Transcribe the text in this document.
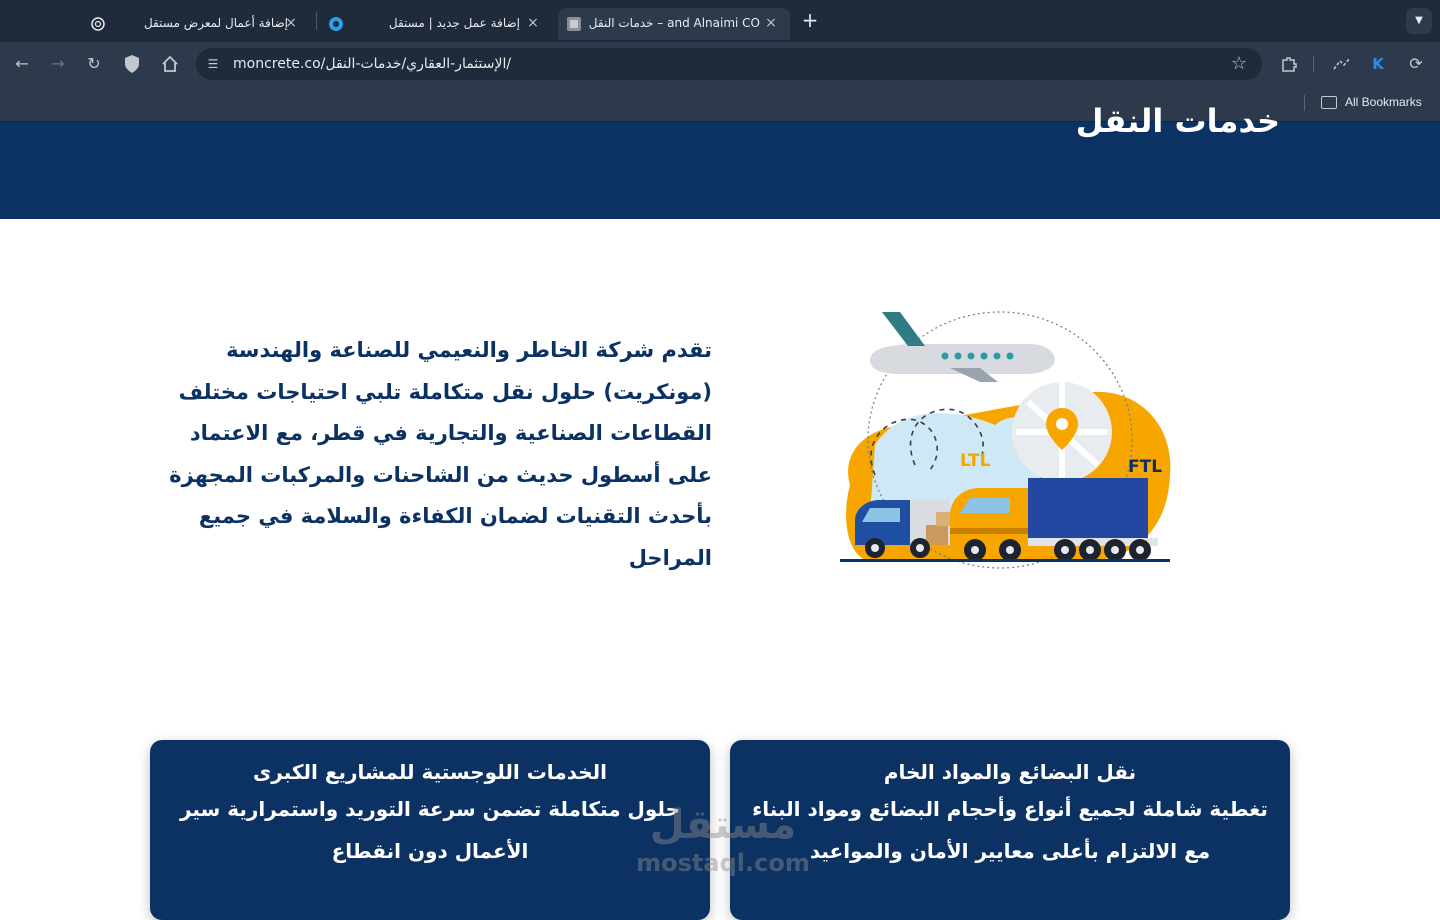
إضافة أعمال لمعرض مستقل
×	إضافة عمل جديد | مستقل ×	and Alnaimi CO – خدمات النقل × +	▼
←	→	↻	☰ moncrete.co/الإستثمار-العقاري/خدمات-النقل/	☆	K	⟳
All Bookmarks
خدمات النقل

تقدم شركة الخاطر والنعيمي للصناعة والهندسة (مونكريت) حلول نقل متكاملة تلبي احتياجات مختلف القطاعات الصناعية والتجارية في قطر، مع الاعتماد على أسطول حديث من الشاحنات والمركبات المجهزة بأحدث التقنيات لضمان الكفاءة والسلامة في جميع المراحل

LTL	FTL
نقل البضائع والمواد الخام
تغطية شاملة لجميع أنواع وأحجام البضائع ومواد البناء مع الالتزام بأعلى معايير الأمان والمواعيد
الخدمات اللوجستية للمشاريع الكبرى
حلول متكاملة تضمن سرعة التوريد واستمرارية سير الأعمال دون انقطاع
مستقل
mostaql.com
